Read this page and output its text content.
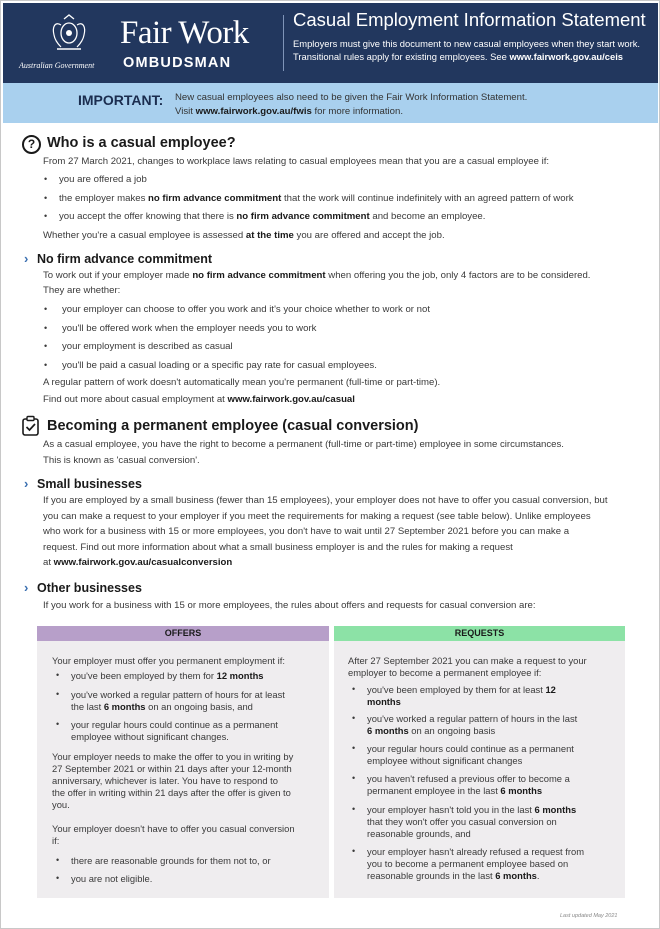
Australian Government
Fair Work
OMBUDSMAN
Casual Employment Information Statement
Employers must give this document to new casual employees when they start work.
Transitional rules apply for existing employees. See www.fairwork.gov.au/ceis
IMPORTANT: New casual employees also need to be given the Fair Work Information Statement.
Visit www.fairwork.gov.au/fwis for more information.
? Who is a casual employee?
From 27 March 2021, changes to workplace laws relating to casual employees mean that you are a casual employee if:
• you are offered a job
• the employer makes no firm advance commitment that the work will continue indefinitely with an agreed pattern of work
• you accept the offer knowing that there is no firm advance commitment and become an employee.
Whether you're a casual employee is assessed at the time you are offered and accept the job.
› No firm advance commitment
To work out if your employer made no firm advance commitment when offering you the job, only 4 factors are to be considered.
They are whether:
• your employer can choose to offer you work and it's your choice whether to work or not
• you'll be offered work when the employer needs you to work
• your employment is described as casual
• you'll be paid a casual loading or a specific pay rate for casual employees.
A regular pattern of work doesn't automatically mean you're permanent (full-time or part-time).
Find out more about casual employment at www.fairwork.gov.au/casual
Becoming a permanent employee (casual conversion)
As a casual employee, you have the right to become a permanent (full-time or part-time) employee in some circumstances.
This is known as 'casual conversion'.
› Small businesses
If you are employed by a small business (fewer than 15 employees), your employer does not have to offer you casual conversion, but
you can make a request to your employer if you meet the requirements for making a request (see table below). Unlike employees
who work for a business with 15 or more employees, you don't have to wait until 27 September 2021 before you can make a
request. Find out more information about what a small business employer is and the rules for making a request
at www.fairwork.gov.au/casualconversion
› Other businesses
If you work for a business with 15 or more employees, the rules about offers and requests for casual conversion are:
OFFERS	REQUESTS
Your employer must offer you permanent employment if:
• you've been employed by them for 12 months
• you've worked a regular pattern of hours for at least
the last 6 months on an ongoing basis, and
• your regular hours could continue as a permanent
employee without significant changes.
Your employer needs to make the offer to you in writing by
27 September 2021 or within 21 days after your 12-month
anniversary, whichever is later. You have to respond to
the offer in writing within 21 days after the offer is given to
you.
Your employer doesn't have to offer you casual conversion
if:
• there are reasonable grounds for them not to, or
• you are not eligible.
After 27 September 2021 you can make a request to your
employer to become a permanent employee if:
• you've been employed by them for at least 12
months
• you've worked a regular pattern of hours in the last
6 months on an ongoing basis
• your regular hours could continue as a permanent
employee without significant changes
• you haven't refused a previous offer to become a
permanent employee in the last 6 months
• your employer hasn't told you in the last 6 months
that they won't offer you casual conversion on
reasonable grounds, and
• your employer hasn't already refused a request from
you to become a permanent employee based on
reasonable grounds in the last 6 months.
Last updated May 2021
